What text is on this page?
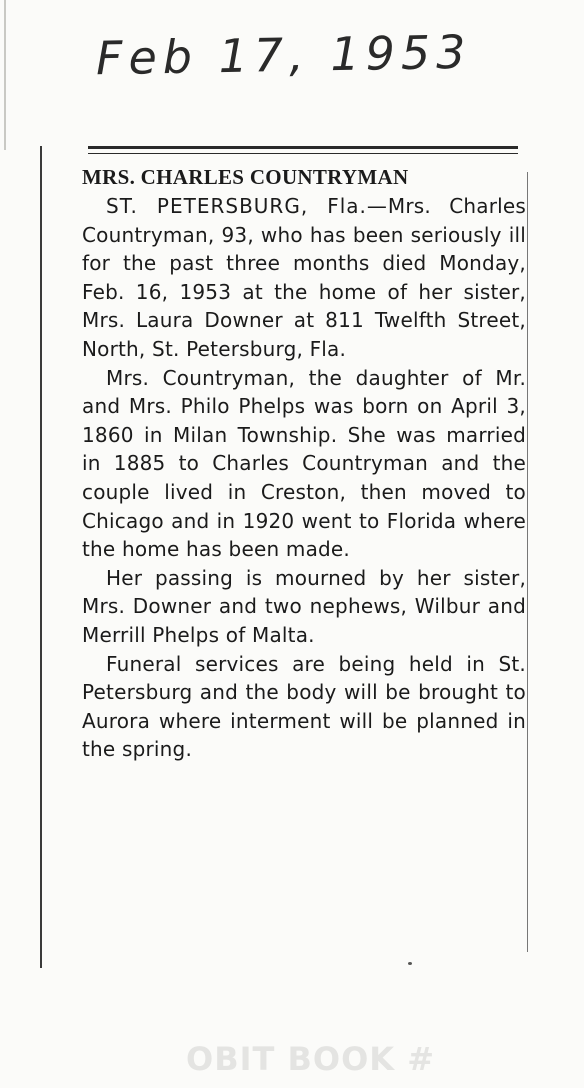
Feb 17, 1953
MRS. CHARLES COUNTRYMAN

ST. PETERSBURG, Fla.—Mrs. Charles Countryman, 93, who has been seriously ill for the past three months died Monday, Feb. 16, 1953 at the home of her sister, Mrs. Laura Downer at 811 Twelfth Street, North, St. Petersburg, Fla.

Mrs. Countryman, the daughter of Mr. and Mrs. Philo Phelps was born on April 3, 1860 in Milan Township. She was married in 1885 to Charles Countryman and the couple lived in Creston, then moved to Chicago and in 1920 went to Florida where the home has been made.

Her passing is mourned by her sister, Mrs. Downer and two nephews, Wilbur and Merrill Phelps of Malta.

Funeral services are being held in St. Petersburg and the body will be brought to Aurora where interment will be planned in the spring.

OBIT BOOK #
